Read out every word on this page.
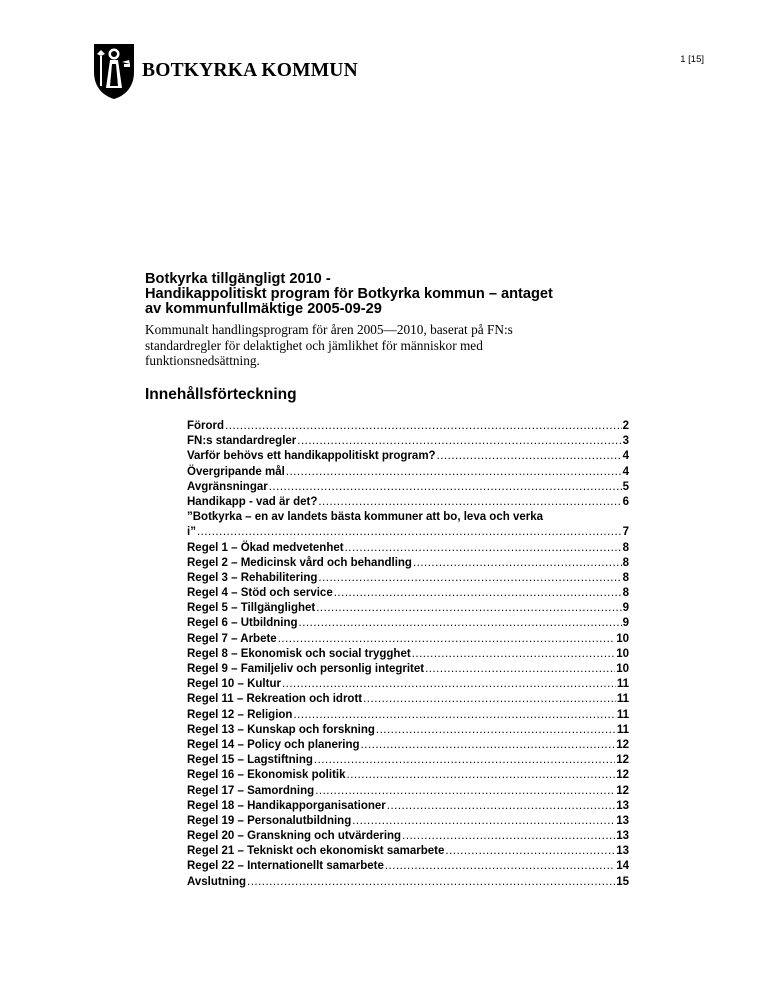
BOTKYRKA KOMMUN
1 [15]
Botkyrka tillgängligt 2010 -
Handikappolitiskt program för Botkyrka kommun – antaget
av kommunfullmäktige 2005-09-29
Kommunalt handlingsprogram för åren 2005—2010, baserat på FN:s
standardregler för delaktighet och jämlikhet för människor med
funktionsnedsättning.
Innehållsförteckning
Förord .....	2
FN:s standardregler .....	3
Varför behövs ett handikappolitiskt program? .....	4
Övergripande mål .....	4
Avgränsningar .....	5
Handikapp - vad är det? .....	6
”Botkyrka – en av landets bästa kommuner att bo, leva och verka
i” .....	7
Regel 1 – Ökad medvetenhet .....	8
Regel 2 – Medicinsk vård och behandling .....	8
Regel 3 – Rehabilitering .....	8
Regel 4 – Stöd och service .....	8
Regel 5 – Tillgänglighet .....	9
Regel 6 – Utbildning .....	9
Regel 7 – Arbete .....	10
Regel 8 – Ekonomisk och social trygghet .....	10
Regel 9 – Familjeliv och personlig integritet .....	10
Regel 10 – Kultur .....	11
Regel 11 – Rekreation och idrott .....	11
Regel 12 – Religion .....	11
Regel 13 – Kunskap och forskning .....	11
Regel 14 – Policy och planering .....	12
Regel 15 – Lagstiftning .....	12
Regel 16 – Ekonomisk politik .....	12
Regel 17 – Samordning .....	12
Regel 18 – Handikapporganisationer .....	13
Regel 19 – Personalutbildning .....	13
Regel 20 – Granskning och utvärdering .....	13
Regel 21 – Tekniskt och ekonomiskt samarbete .....	13
Regel 22 – Internationellt samarbete .....	14
Avslutning .....	15
